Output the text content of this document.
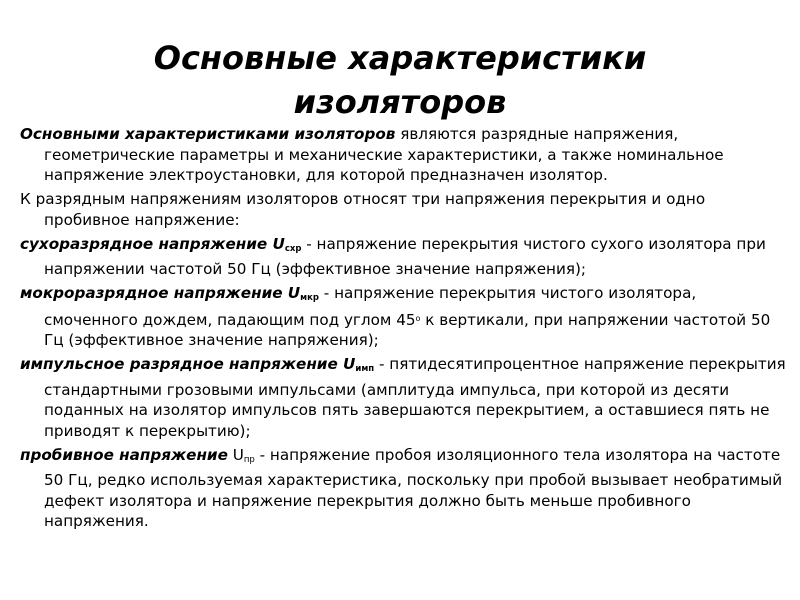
Основные характеристики
изоляторов

Основными характеристиками изоляторов являются разрядные напряжения, геометрические параметры и механические характеристики, а также номинальное напряжение электроустановки, для которой предназначен изолятор.

К разрядным напряжениям изоляторов относят три напряжения перекрытия и одно пробивное напряжение:

сухоразрядное напряжение $U_{схр}$ - напряжение перекрытия чистого сухого изолятора при напряжении частотой 50 Гц (эффективное значение напряжения);

мокроразрядное напряжение $U_{мкр}$ - напряжение перекрытия чистого изолятора, смоченного дождем, падающим под углом $45^о$ к вертикали, при напряжении частотой 50 Гц (эффективное значение напряжения);

импульсное разрядное напряжение $U_{имп}$ - пятидесятипроцентное напряжение перекрытия стандартными грозовыми импульсами (амплитуда импульса, при которой из десяти поданных на изолятор импульсов пять завершаются перекрытием, а оставшиеся пять не приводят к перекрытию);

пробивное напряжение $U_{пр}$ - напряжение пробоя изоляционного тела изолятора на частоте 50 Гц, редко используемая характеристика, поскольку при пробой вызывает необратимый дефект изолятора и напряжение перекрытия должно быть меньше пробивного напряжения.
